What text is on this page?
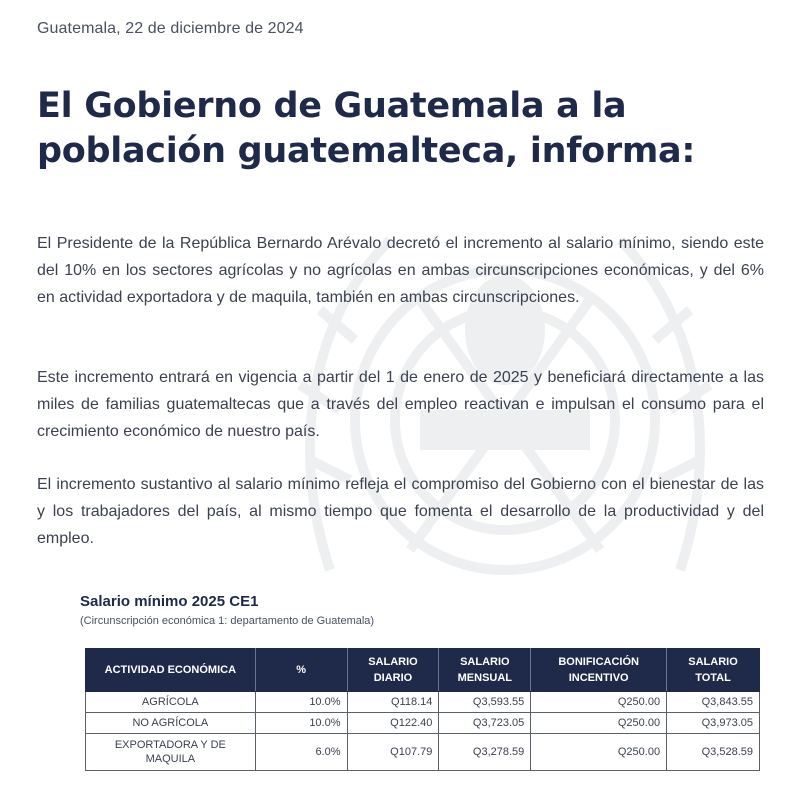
Guatemala, 22 de diciembre de 2024
El Gobierno de Guatemala a la población guatemalteca, informa:

El Presidente de la República Bernardo Arévalo decretó el incremento al salario mínimo, siendo este del 10% en los sectores agrícolas y no agrícolas en ambas circunscripciones económicas, y del 6% en actividad exportadora y de maquila, también en ambas circunscripciones.

Este incremento entrará en vigencia a partir del 1 de enero de 2025 y beneficiará directamente a las miles de familias guatemaltecas que a través del empleo reactivan e impulsan el consumo para el crecimiento económico de nuestro país.

El incremento sustantivo al salario mínimo refleja el compromiso del Gobierno con el bienestar de las y los trabajadores del país, al mismo tiempo que fomenta el desarrollo de la productividad y del empleo.

Salario mínimo 2025 CE1
(Circunscripción económica 1: departamento de Guatemala)
ACTIVIDAD ECONÓMICA	%	SALARIO DIARIO	SALARIO MENSUAL	BONIFICACIÓN INCENTIVO	SALARIO TOTAL
AGRÍCOLA	10.0%	Q118.14	Q3,593.55	Q250.00	Q3,843.55
NO AGRÍCOLA	10.0%	Q122.40	Q3,723.05	Q250.00	Q3,973.05
EXPORTADORA Y DE MAQUILA	6.0%	Q107.79	Q3,278.59	Q250.00	Q3,528.59
